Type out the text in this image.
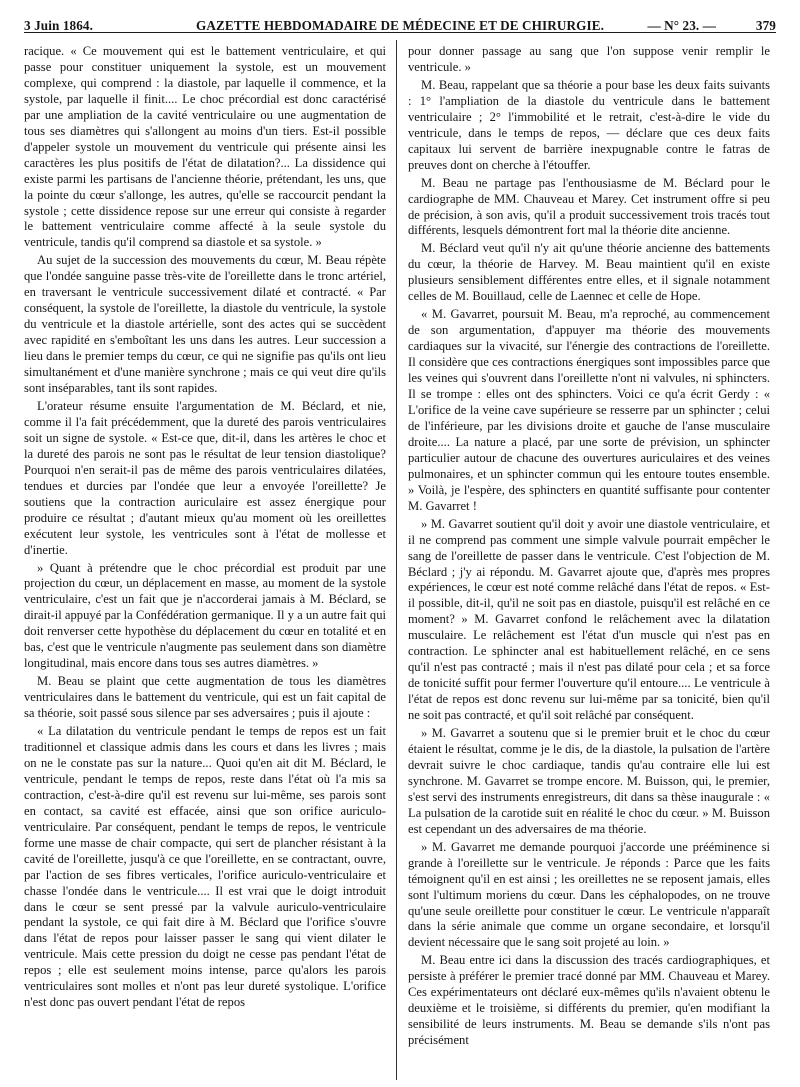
3 Juin 1864.	GAZETTE HEBDOMADAIRE DE MÉDECINE ET DE CHIRURGIE.	— N° 23. —	379

racique. « Ce mouvement qui est le battement ventriculaire, et qui passe pour constituer uniquement la systole, est un mouvement complexe, qui comprend : la diastole, par laquelle il commence, et la systole, par laquelle il finit.... Le choc précordial est donc caractérisé par une ampliation de la cavité ventriculaire ou une augmentation de tous ses diamètres qui s'allongent au moins d'un tiers. Est-il possible d'appeler systole un mouvement du ventricule qui présente ainsi les caractères les plus positifs de l'état de dilatation?... La dissidence qui existe parmi les partisans de l'ancienne théorie, prétendant, les uns, que la pointe du cœur s'allonge, les autres, qu'elle se raccourcit pendant la systole ; cette dissidence repose sur une erreur qui consiste à regarder le battement ventriculaire comme affecté à la seule systole du ventricule, tandis qu'il comprend sa diastole et sa systole. »

Au sujet de la succession des mouvements du cœur, M. Beau répète que l'ondée sanguine passe très-vite de l'oreillette dans le tronc artériel, en traversant le ventricule successivement dilaté et contracté. « Par conséquent, la systole de l'oreillette, la diastole du ventricule, la systole du ventricule et la diastole artérielle, sont des actes qui se succèdent avec rapidité en s'emboîtant les uns dans les autres. Leur succession a lieu dans le premier temps du cœur, ce qui ne signifie pas qu'ils ont lieu simultanément et d'une manière synchrone ; mais ce qui veut dire qu'ils sont inséparables, tant ils sont rapides.

L'orateur résume ensuite l'argumentation de M. Béclard, et nie, comme il l'a fait précédemment, que la dureté des parois ventriculaires soit un signe de systole. « Est-ce que, dit-il, dans les artères le choc et la dureté des parois ne sont pas le résultat de leur tension diastolique? Pourquoi n'en serait-il pas de même des parois ventriculaires dilatées, tendues et durcies par l'ondée que leur a envoyée l'oreillette? Je soutiens que la contraction auriculaire est assez énergique pour produire ce résultat ; d'autant mieux qu'au moment où les oreillettes exécutent leur systole, les ventricules sont à l'état de mollesse et d'inertie.

» Quant à prétendre que le choc précordial est produit par une projection du cœur, un déplacement en masse, au moment de la systole ventriculaire, c'est un fait que je n'accorderai jamais à M. Béclard, se dirait-il appuyé par la Confédération germanique. Il y a un autre fait qui doit renverser cette hypothèse du déplacement du cœur en totalité et en bas, c'est que le ventricule n'augmente pas seulement dans son diamètre longitudinal, mais encore dans tous ses autres diamètres. »

M. Beau se plaint que cette augmentation de tous les diamètres ventriculaires dans le battement du ventricule, qui est un fait capital de sa théorie, soit passé sous silence par ses adversaires ; puis il ajoute :

« La dilatation du ventricule pendant le temps de repos est un fait traditionnel et classique admis dans les cours et dans les livres ; mais on ne le constate pas sur la nature... Quoi qu'en ait dit M. Béclard, le ventricule, pendant le temps de repos, reste dans l'état où l'a mis sa contraction, c'est-à-dire qu'il est revenu sur lui-même, ses parois sont en contact, sa cavité est effacée, ainsi que son orifice auriculo-ventriculaire. Par conséquent, pendant le temps de repos, le ventricule forme une masse de chair compacte, qui sert de plancher résistant à la cavité de l'oreillette, jusqu'à ce que l'oreillette, en se contractant, ouvre, par l'action de ses fibres verticales, l'orifice auriculo-ventriculaire et chasse l'ondée dans le ventricule.... Il est vrai que le doigt introduit dans le cœur se sent pressé par la valvule auriculo-ventriculaire pendant la systole, ce qui fait dire à M. Béclard que l'orifice s'ouvre dans l'état de repos pour laisser passer le sang qui vient dilater le ventricule. Mais cette pression du doigt ne cesse pas pendant l'état de repos ; elle est seulement moins intense, parce qu'alors les parois ventriculaires sont molles et n'ont pas leur dureté systolique. L'orifice n'est donc pas ouvert pendant l'état de repos

pour donner passage au sang que l'on suppose venir remplir le ventricule. »

M. Beau, rappelant que sa théorie a pour base les deux faits suivants : 1° l'ampliation de la diastole du ventricule dans le battement ventriculaire ; 2° l'immobilité et le retrait, c'est-à-dire le vide du ventricule, dans le temps de repos, — déclare que ces deux faits capitaux lui servent de barrière inexpugnable contre le fatras de preuves dont on cherche à l'étouffer.

M. Beau ne partage pas l'enthousiasme de M. Béclard pour le cardiographe de MM. Chauveau et Marey. Cet instrument offre si peu de précision, à son avis, qu'il a produit successivement trois tracés tout différents, lesquels démontrent fort mal la théorie dite ancienne.

M. Béclard veut qu'il n'y ait qu'une théorie ancienne des battements du cœur, la théorie de Harvey. M. Beau maintient qu'il en existe plusieurs sensiblement différentes entre elles, et il signale notamment celles de M. Bouillaud, celle de Laennec et celle de Hope.

« M. Gavarret, poursuit M. Beau, m'a reproché, au commencement de son argumentation, d'appuyer ma théorie des mouvements cardiaques sur la vivacité, sur l'énergie des contractions de l'oreillette. Il considère que ces contractions énergiques sont impossibles parce que les veines qui s'ouvrent dans l'oreillette n'ont ni valvules, ni sphincters. Il se trompe : elles ont des sphincters. Voici ce qu'a écrit Gerdy : « L'orifice de la veine cave supérieure se resserre par un sphincter ; celui de l'inférieure, par les divisions droite et gauche de l'anse musculaire droite.... La nature a placé, par une sorte de prévision, un sphincter particulier autour de chacune des ouvertures auriculaires et des veines pulmonaires, et un sphincter commun qui les entoure toutes ensemble. » Voilà, je l'espère, des sphincters en quantité suffisante pour contenter M. Gavarret !

» M. Gavarret soutient qu'il doit y avoir une diastole ventriculaire, et il ne comprend pas comment une simple valvule pourrait empêcher le sang de l'oreillette de passer dans le ventricule. C'est l'objection de M. Béclard ; j'y ai répondu. M. Gavarret ajoute que, d'après mes propres expériences, le cœur est noté comme relâché dans l'état de repos. « Est-il possible, dit-il, qu'il ne soit pas en diastole, puisqu'il est relâché en ce moment? » M. Gavarret confond le relâchement avec la dilatation musculaire. Le relâchement est l'état d'un muscle qui n'est pas en contraction. Le sphincter anal est habituellement relâché, en ce sens qu'il n'est pas contracté ; mais il n'est pas dilaté pour cela ; et sa force de tonicité suffit pour fermer l'ouverture qu'il entoure.... Le ventricule à l'état de repos est donc revenu sur lui-même par sa tonicité, bien qu'il ne soit pas contracté, et qu'il soit relâché par conséquent.

» M. Gavarret a soutenu que si le premier bruit et le choc du cœur étaient le résultat, comme je le dis, de la diastole, la pulsation de l'artère devrait suivre le choc cardiaque, tandis qu'au contraire elle lui est synchrone. M. Gavarret se trompe encore. M. Buisson, qui, le premier, s'est servi des instruments enregistreurs, dit dans sa thèse inaugurale : « La pulsation de la carotide suit en réalité le choc du cœur. » M. Buisson est cependant un des adversaires de ma théorie.

» M. Gavarret me demande pourquoi j'accorde une prééminence si grande à l'oreillette sur le ventricule. Je réponds : Parce que les faits témoignent qu'il en est ainsi ; les oreillettes ne se reposent jamais, elles sont l'ultimum moriens du cœur. Dans les céphalopodes, on ne trouve qu'une seule oreillette pour constituer le cœur. Le ventricule n'apparaît dans la série animale que comme un organe secondaire, et lorsqu'il devient nécessaire que le sang soit projeté au loin. »

M. Beau entre ici dans la discussion des tracés cardiographiques, et persiste à préférer le premier tracé donné par MM. Chauveau et Marey. Ces expérimentateurs ont déclaré eux-mêmes qu'ils n'avaient obtenu le deuxième et le troisième, si différents du premier, qu'en modifiant la sensibilité de leurs instruments. M. Beau se demande s'ils n'ont pas précisément
